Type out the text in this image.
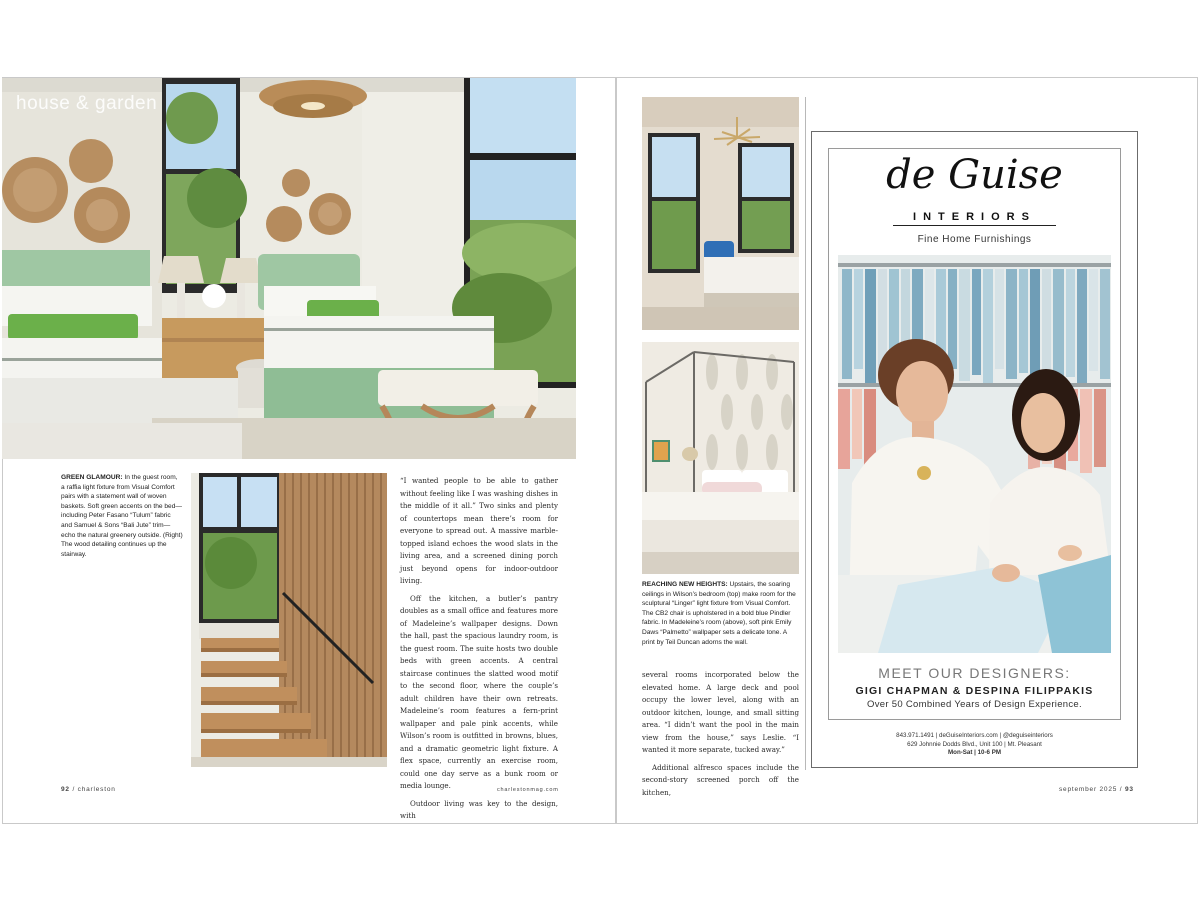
house & garden
GREEN GLAMOUR: In the guest room, a raffia light fixture from Visual Comfort pairs with a statement wall of woven baskets. Soft green accents on the bed—including Peter Fasano “Tulum” fabric and Samuel & Sons “Bali Jute” trim—echo the natural greenery outside. (Right) The wood detailing continues up the stairway.

“I wanted people to be able to gather without feeling like I was washing dishes in the middle of it all.” Two sinks and plenty of countertops mean there’s room for everyone to spread out. A massive marble-topped island echoes the wood slats in the living area, and a screened dining porch just beyond opens for indoor-outdoor living.

Off the kitchen, a butler’s pantry doubles as a small office and features more of Madeleine’s wallpaper designs. Down the hall, past the spacious laundry room, is the guest room. The suite hosts two double beds with green accents. A central staircase continues the slatted wood motif to the second floor, where the couple’s adult children have their own retreats. Madeleine’s room features a fern-print wallpaper and pale pink accents, while Wilson’s room is outfitted in browns, blues, and a dramatic geometric light fixture. A flex space, currently an exercise room, could one day serve as a bunk room or media lounge.

Outdoor living was key to the design, with

92 / charleston	charlestonmag.com
REACHING NEW HEIGHTS: Upstairs, the soaring ceilings in Wilson’s bedroom (top) make room for the sculptural “Linger” light fixture from Visual Comfort. The CB2 chair is upholstered in a bold blue Pindler fabric. In Madeleine’s room (above), soft pink Emily Daws “Palmetto” wallpaper sets a delicate tone. A print by Teil Duncan adorns the wall.

several rooms incorporated below the elevated home. A large deck and pool occupy the lower level, along with an outdoor kitchen, lounge, and small sitting area. “I didn’t want the pool in the main view from the house,” says Leslie. “I wanted it more separate, tucked away.”

Additional alfresco spaces include the second-story screened porch off the kitchen,

de Guise
INTERIORS
Fine Home Furnishings
MEET OUR DESIGNERS:
GIGI CHAPMAN & DESPINA FILIPPAKIS
Over 50 Combined Years of Design Experience.
843.971.1491 | deGuiseInteriors.com | @deguiseinteriors
629 Johnnie Dodds Blvd., Unit 100 | Mt. Pleasant
Mon-Sat | 10-6 PM
september 2025 / 93
